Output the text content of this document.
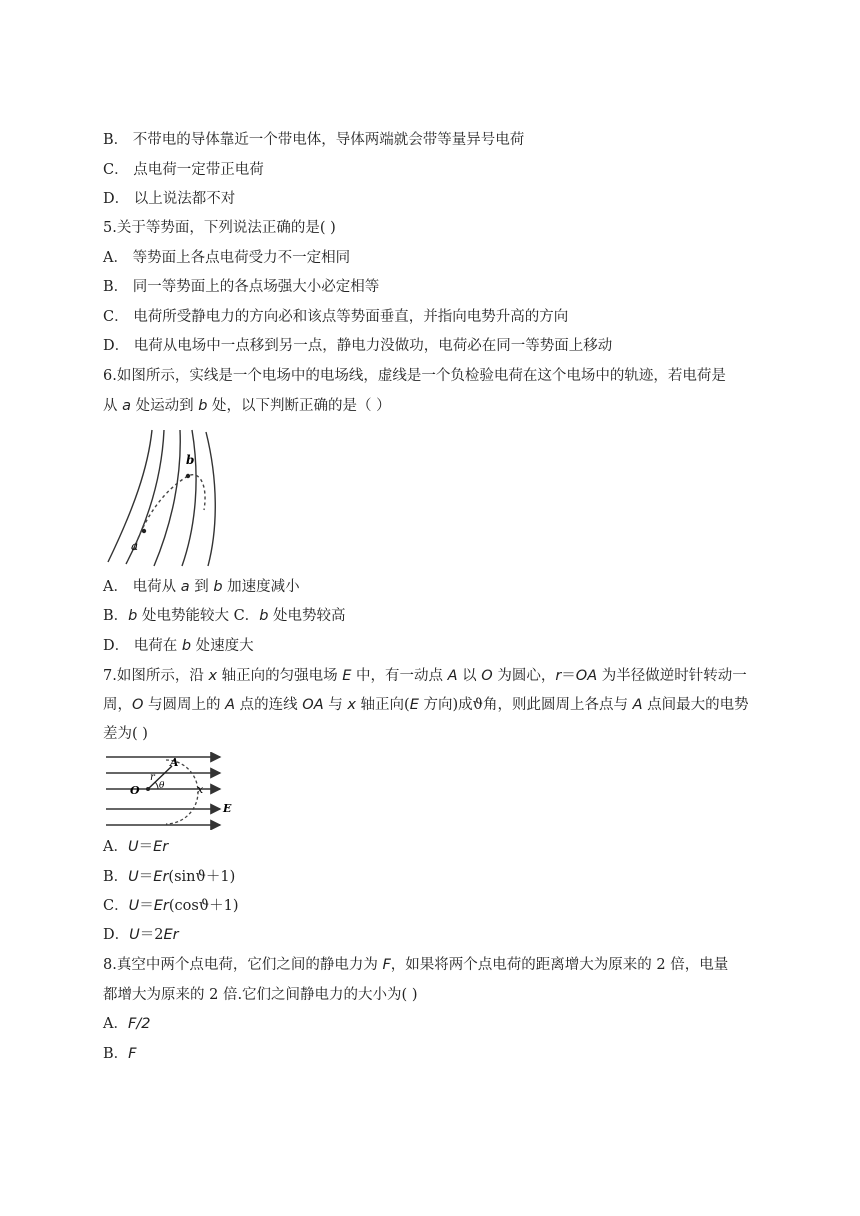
B． 不带电的导体靠近一个带电体，导体两端就会带等量异号电荷
C． 点电荷一定带正电荷
D． 以上说法都不对
5.关于等势面，下列说法正确的是( )
A． 等势面上各点电荷受力不一定相同
B． 同一等势面上的各点场强大小必定相等
C． 电荷所受静电力的方向必和该点等势面垂直，并指向电势升高的方向
D． 电荷从电场中一点移到另一点，静电力没做功，电荷必在同一等势面上移动
6.如图所示，实线是一个电场中的电场线，虚线是一个负检验电荷在这个电场中的轨迹，若电荷是
从 a 处运动到 b 处，以下判断正确的是（ ）
a
b
A． 电荷从 a 到 b 加速度减小
B．b 处电势能较大 C．b 处电势较高
D． 电荷在 b 处速度大
7.如图所示，沿 x 轴正向的匀强电场 E 中，有一动点 A 以 O 为圆心，r＝OA 为半径做逆时针转动一
周，O 与圆周上的 A 点的连线 OA 与 x 轴正向(E 方向)成ϑ角，则此圆周上各点与 A 点间最大的电势
差为( )
A
r
O θ	x
E
A．U＝Er
B．U＝Er(sinϑ＋1)
C．U＝Er(cosϑ＋1)
D．U＝2Er
8.真空中两个点电荷，它们之间的静电力为 F，如果将两个点电荷的距离增大为原来的 2 倍，电量
都增大为原来的 2 倍.它们之间静电力的大小为( )
A．F/2
B．F
